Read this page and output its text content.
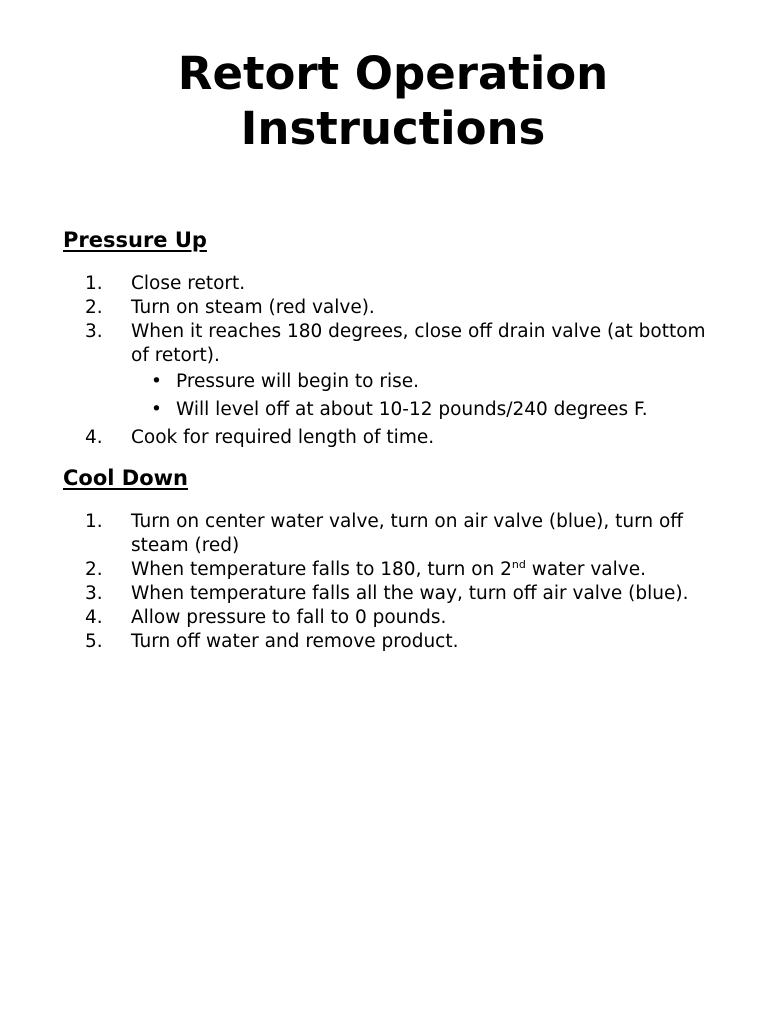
Retort Operation
Instructions
Pressure Up
1. Close retort.
2. Turn on steam (red valve).
3. When it reaches 180 degrees, close off drain valve (at bottom of retort).
• Pressure will begin to rise.
• Will level off at about 10-12 pounds/240 degrees F.
4. Cook for required length of time.
Cool Down
1. Turn on center water valve, turn on air valve (blue), turn off steam (red)
2. When temperature falls to 180, turn on 2nd water valve.
3. When temperature falls all the way, turn off air valve (blue).
4. Allow pressure to fall to 0 pounds.
5. Turn off water and remove product.
